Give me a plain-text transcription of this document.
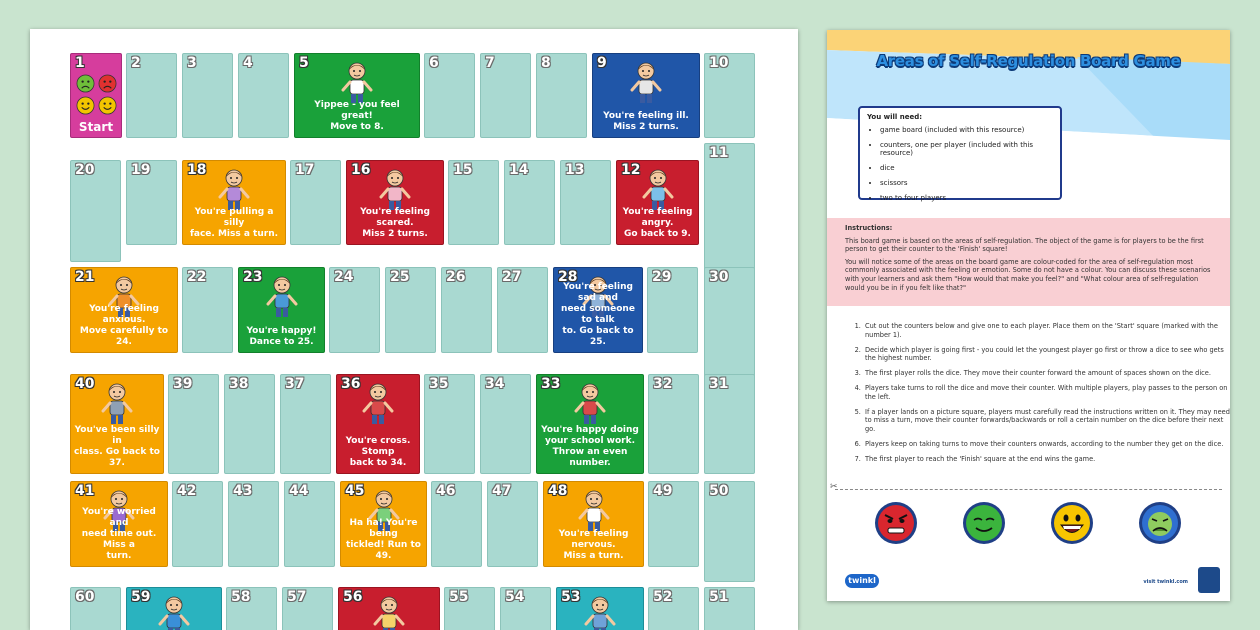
1
Start
2	3	4	5
Yippee - you feel great!
Move to 8.
6	7	8	9
You're feeling ill.
Miss 2 turns.
10
11
12
You're feeling angry.
Go back to 9.
13
14
15
16
You're feeling scared.
Miss 2 turns.
17
18
You're pulling a silly
face. Miss a turn.
19
20
21
You're feeling anxious.
Move carefully to 24.
22	23
You're happy!
Dance to 25.
24	25	26	27	28
You're feeling sad and
need someone to talk
to. Go back to 25.
29	30
31
32
33
You're happy doing
your school work.
Throw an even number.
34
35
36
You're cross. Stomp
back to 34.
37
38
39
40
You've been silly in
class. Go back to 37.
41
You're worried and
need time out. Miss a
turn.
42	43	44	45
Ha ha! You're being
tickled! Run to 49.
46	47	48
You're feeling nervous.
Miss a turn.
49	50
51
52
53
54
55
56
57
58
59
60
Areas of Self-Regulation Board Game
You will need:
• game board (included with this resource)
• counters, one per player (included with this resource)
• dice
• scissors
• two to four players
Instructions:

This board game is based on the areas of self-regulation. The object of the game is for players to be the first person to get their counter to the 'Finish' square!

You will notice some of the areas on the board game are colour-coded for the area of self-regulation most commonly associated with the feeling or emotion. Some do not have a colour. You can discuss these scenarios with your learners and ask them "How would that make you feel?" and "What colour area of self-regulation would you be in if you felt like that?"

1. Cut out the counters below and give one to each player. Place them on the 'Start' square (marked with the number 1).
2. Decide which player is going first - you could let the youngest player go first or throw a dice to see who gets the highest number.
3. The first player rolls the dice. They move their counter forward the amount of spaces shown on the dice.
4. Players take turns to roll the dice and move their counter. With multiple players, play passes to the person on the left.
5. If a player lands on a picture square, players must carefully read the instructions written on it. They may need to miss a turn, move their counter forwards/backwards or roll a certain number on the dice before their next go.
6. Players keep on taking turns to move their counters onwards, according to the number they get on the dice.
7. The first player to reach the 'Finish' square at the end wins the game.
✂
twinkl	visit twinkl.com
